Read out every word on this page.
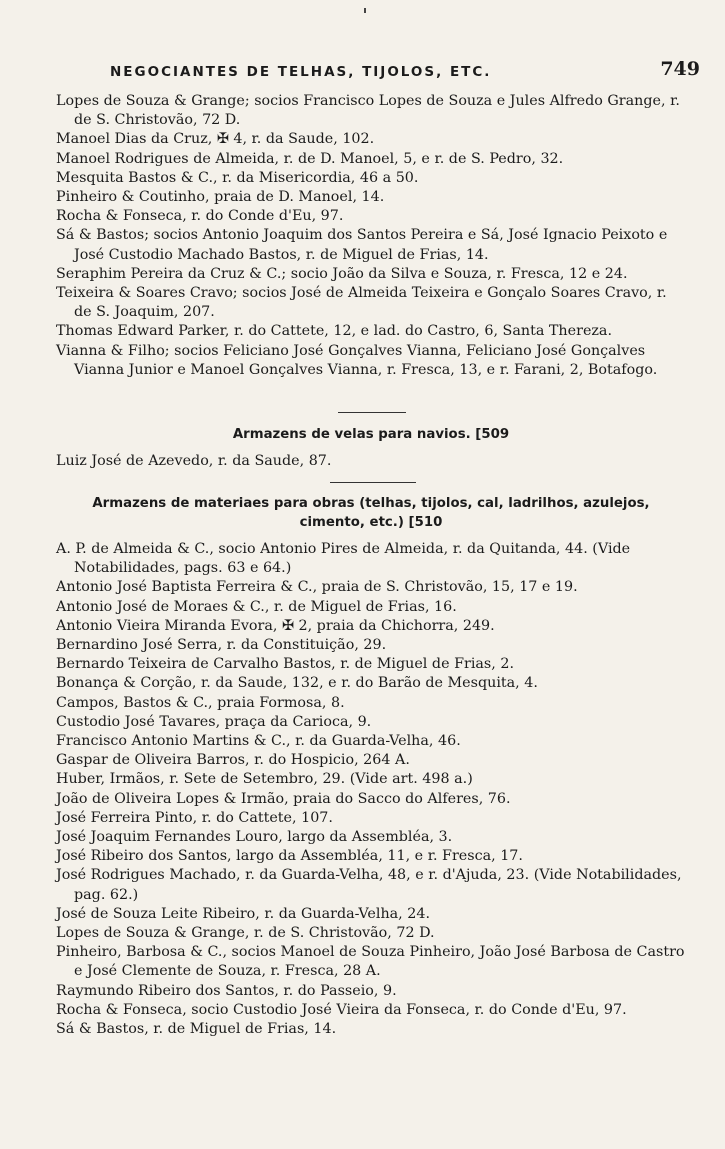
NEGOCIANTES DE TELHAS, TIJOLOS, ETC.	749
Lopes de Souza & Grange; socios Francisco Lopes de Souza e Jules Alfredo Grange, r. de S. Christovão, 72 D.
Manoel Dias da Cruz, ✠ 4, r. da Saude, 102.
Manoel Rodrigues de Almeida, r. de D. Manoel, 5, e r. de S. Pedro, 32.
Mesquita Bastos & C., r. da Misericordia, 46 a 50.
Pinheiro & Coutinho, praia de D. Manoel, 14.
Rocha & Fonseca, r. do Conde d'Eu, 97.
Sá & Bastos; socios Antonio Joaquim dos Santos Pereira e Sá, José Ignacio Peixoto e José Custodio Machado Bastos, r. de Miguel de Frias, 14.
Seraphim Pereira da Cruz & C.; socio João da Silva e Souza, r. Fresca, 12 e 24.
Teixeira & Soares Cravo; socios José de Almeida Teixeira e Gonçalo Soares Cravo, r. de S. Joaquim, 207.
Thomas Edward Parker, r. do Cattete, 12, e lad. do Castro, 6, Santa Thereza.
Vianna & Filho; socios Feliciano José Gonçalves Vianna, Feliciano José Gonçalves Vianna Junior e Manoel Gonçalves Vianna, r. Fresca, 13, e r. Farani, 2, Botafogo.
Armazens de velas para navios. [509
Luiz José de Azevedo, r. da Saude, 87.
Armazens de materiaes para obras (telhas, tijolos, cal, ladrilhos, azulejos,
cimento, etc.) [510
A. P. de Almeida & C., socio Antonio Pires de Almeida, r. da Quitanda, 44. (Vide Notabilidades, pags. 63 e 64.)
Antonio José Baptista Ferreira & C., praia de S. Christovão, 15, 17 e 19.
Antonio José de Moraes & C., r. de Miguel de Frias, 16.
Antonio Vieira Miranda Evora, ✠ 2, praia da Chichorra, 249.
Bernardino José Serra, r. da Constituição, 29.
Bernardo Teixeira de Carvalho Bastos, r. de Miguel de Frias, 2.
Bonança & Corção, r. da Saude, 132, e r. do Barão de Mesquita, 4.
Campos, Bastos & C., praia Formosa, 8.
Custodio José Tavares, praça da Carioca, 9.
Francisco Antonio Martins & C., r. da Guarda-Velha, 46.
Gaspar de Oliveira Barros, r. do Hospicio, 264 A.
Huber, Irmãos, r. Sete de Setembro, 29. (Vide art. 498 a.)
João de Oliveira Lopes & Irmão, praia do Sacco do Alferes, 76.
José Ferreira Pinto, r. do Cattete, 107.
José Joaquim Fernandes Louro, largo da Assembléa, 3.
José Ribeiro dos Santos, largo da Assembléa, 11, e r. Fresca, 17.
José Rodrigues Machado, r. da Guarda-Velha, 48, e r. d'Ajuda, 23. (Vide Notabilidades, pag. 62.)
José de Souza Leite Ribeiro, r. da Guarda-Velha, 24.
Lopes de Souza & Grange, r. de S. Christovão, 72 D.
Pinheiro, Barbosa & C., socios Manoel de Souza Pinheiro, João José Barbosa de Castro e José Clemente de Souza, r. Fresca, 28 A.
Raymundo Ribeiro dos Santos, r. do Passeio, 9.
Rocha & Fonseca, socio Custodio José Vieira da Fonseca, r. do Conde d'Eu, 97.
Sá & Bastos, r. de Miguel de Frias, 14.
